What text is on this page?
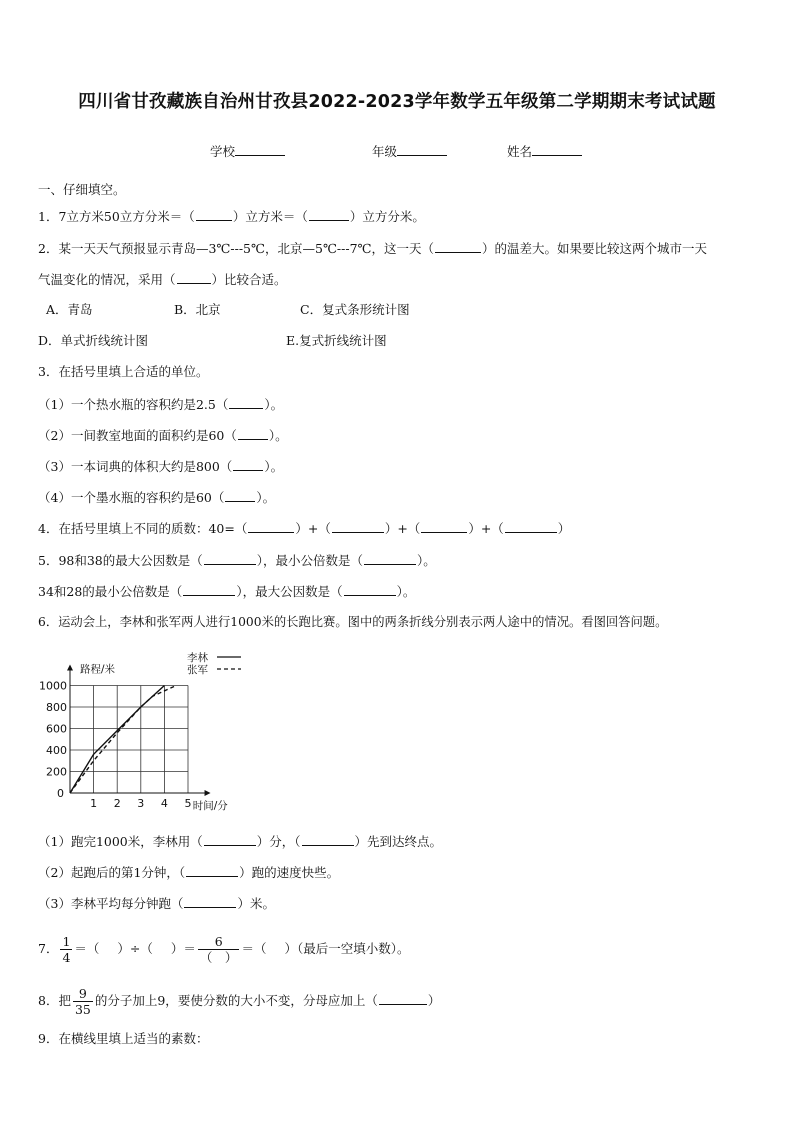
四川省甘孜藏族自治州甘孜县2022-2023学年数学五年级第二学期期末考试试题
学校	年级	姓名
一、仔细填空。
1．7立方米50立方分米＝（	）立方米＝（	）立方分米。
2．某一天天气预报显示青岛—3℃---5℃，北京—5℃---7℃，这一天（	）的温差大。如果要比较这两个城市一天
气温变化的情况，采用（	）比较合适。
A．青岛	B．北京	C．复式条形统计图
D．单式折线统计图	E.复式折线统计图
3．在括号里填上合适的单位。
（1）一个热水瓶的容积约是2.5（	）。
（2）一间教室地面的面积约是60（	）。
（3）一本词典的体积大约是800（	）。
（4）一个墨水瓶的容积约是60（	）。
4．在括号里填上不同的质数：40=（	）+（	）+（	）+（	）
5．98和38的最大公因数是（	），最小公倍数是（	）。
34和28的最小公倍数是（	），最大公因数是（	）。
6．运动会上，李林和张军两人进行1000米的长跑比赛。图中的两条折线分别表示两人途中的情况。看图回答问题。
1 2 3 4 5
200
400
600
800
1000
0
路程/米
时间/分
李林
张军
（1）跑完1000米，李林用（	）分，（	）先到达终点。
（2）起跑后的第1分钟，（	）跑的速度快些。
（3）李林平均每分钟跑（	）米。
7． $\frac{1}{4}$ ＝（ ）÷（ ）＝ $\frac{6}{( )}$ ＝（ ）（最后一空填小数）。
8．把 $\frac{9}{35}$ 的分子加上9，要使分数的大小不变，分母应加上（	）
9．在横线里填上适当的素数：
